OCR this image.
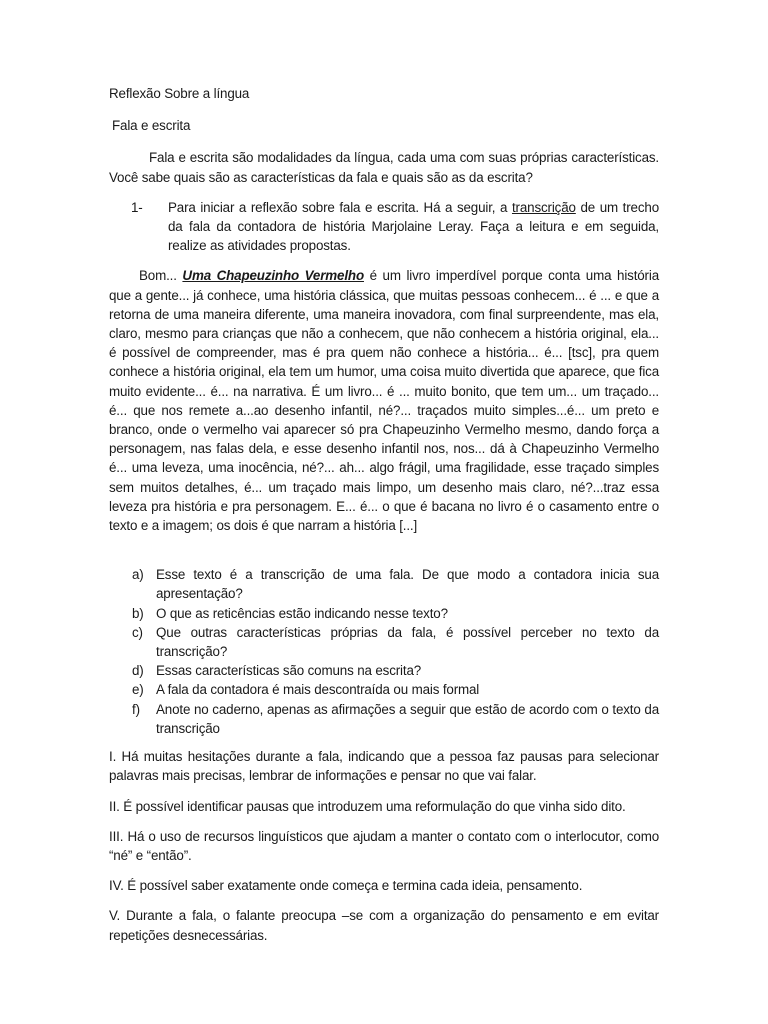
Reflexão Sobre a língua

Fala e escrita

Fala e escrita são modalidades da língua, cada uma com suas próprias características. Você sabe quais são as características da fala e quais são as da escrita?

1-	Para iniciar a reflexão sobre fala e escrita. Há a seguir, a transcrição de um trecho da fala da contadora de história Marjolaine Leray. Faça a leitura e em seguida, realize as atividades propostas.

Bom... Uma Chapeuzinho Vermelho é um livro imperdível porque conta uma história que a gente... já conhece, uma história clássica, que muitas pessoas conhecem... é ... e que a retorna de uma maneira diferente, uma maneira inovadora, com final surpreendente, mas ela, claro, mesmo para crianças que não a conhecem, que não conhecem a história original, ela... é possível de compreender, mas é pra quem não conhece a história... é... [tsc], pra quem conhece a história original, ela tem um humor, uma coisa muito divertida que aparece, que fica muito evidente... é... na narrativa. É um livro... é ... muito bonito, que tem um... um traçado... é... que nos remete a...ao desenho infantil, né?... traçados muito simples...é... um preto e branco, onde o vermelho vai aparecer só pra Chapeuzinho Vermelho mesmo, dando força a personagem, nas falas dela, e esse desenho infantil nos, nos... dá à Chapeuzinho Vermelho é... uma leveza, uma inocência, né?... ah... algo frágil, uma fragilidade, esse traçado simples sem muitos detalhes, é... um traçado mais limpo, um desenho mais claro, né?...traz essa leveza pra história e pra personagem. E... é... o que é bacana no livro é o casamento entre o texto e a imagem; os dois é que narram a história [...]

a) Esse texto é a transcrição de uma fala. De que modo a contadora inicia sua apresentação?
b) O que as reticências estão indicando nesse texto?
c) Que outras características próprias da fala, é possível perceber no texto da transcrição?
d) Essas características são comuns na escrita?
e) A fala da contadora é mais descontraída ou mais formal
f)	Anote no caderno, apenas as afirmações a seguir que estão de acordo com o texto da transcrição

I. Há muitas hesitações durante a fala, indicando que a pessoa faz pausas para selecionar palavras mais precisas, lembrar de informações e pensar no que vai falar.

II. É possível identificar pausas que introduzem uma reformulação do que vinha sido dito.

III. Há o uso de recursos linguísticos que ajudam a manter o contato com o interlocutor, como “né” e “então”.

IV. É possível saber exatamente onde começa e termina cada ideia, pensamento.

V. Durante a fala, o falante preocupa –se com a organização do pensamento e em evitar repetições desnecessárias.
